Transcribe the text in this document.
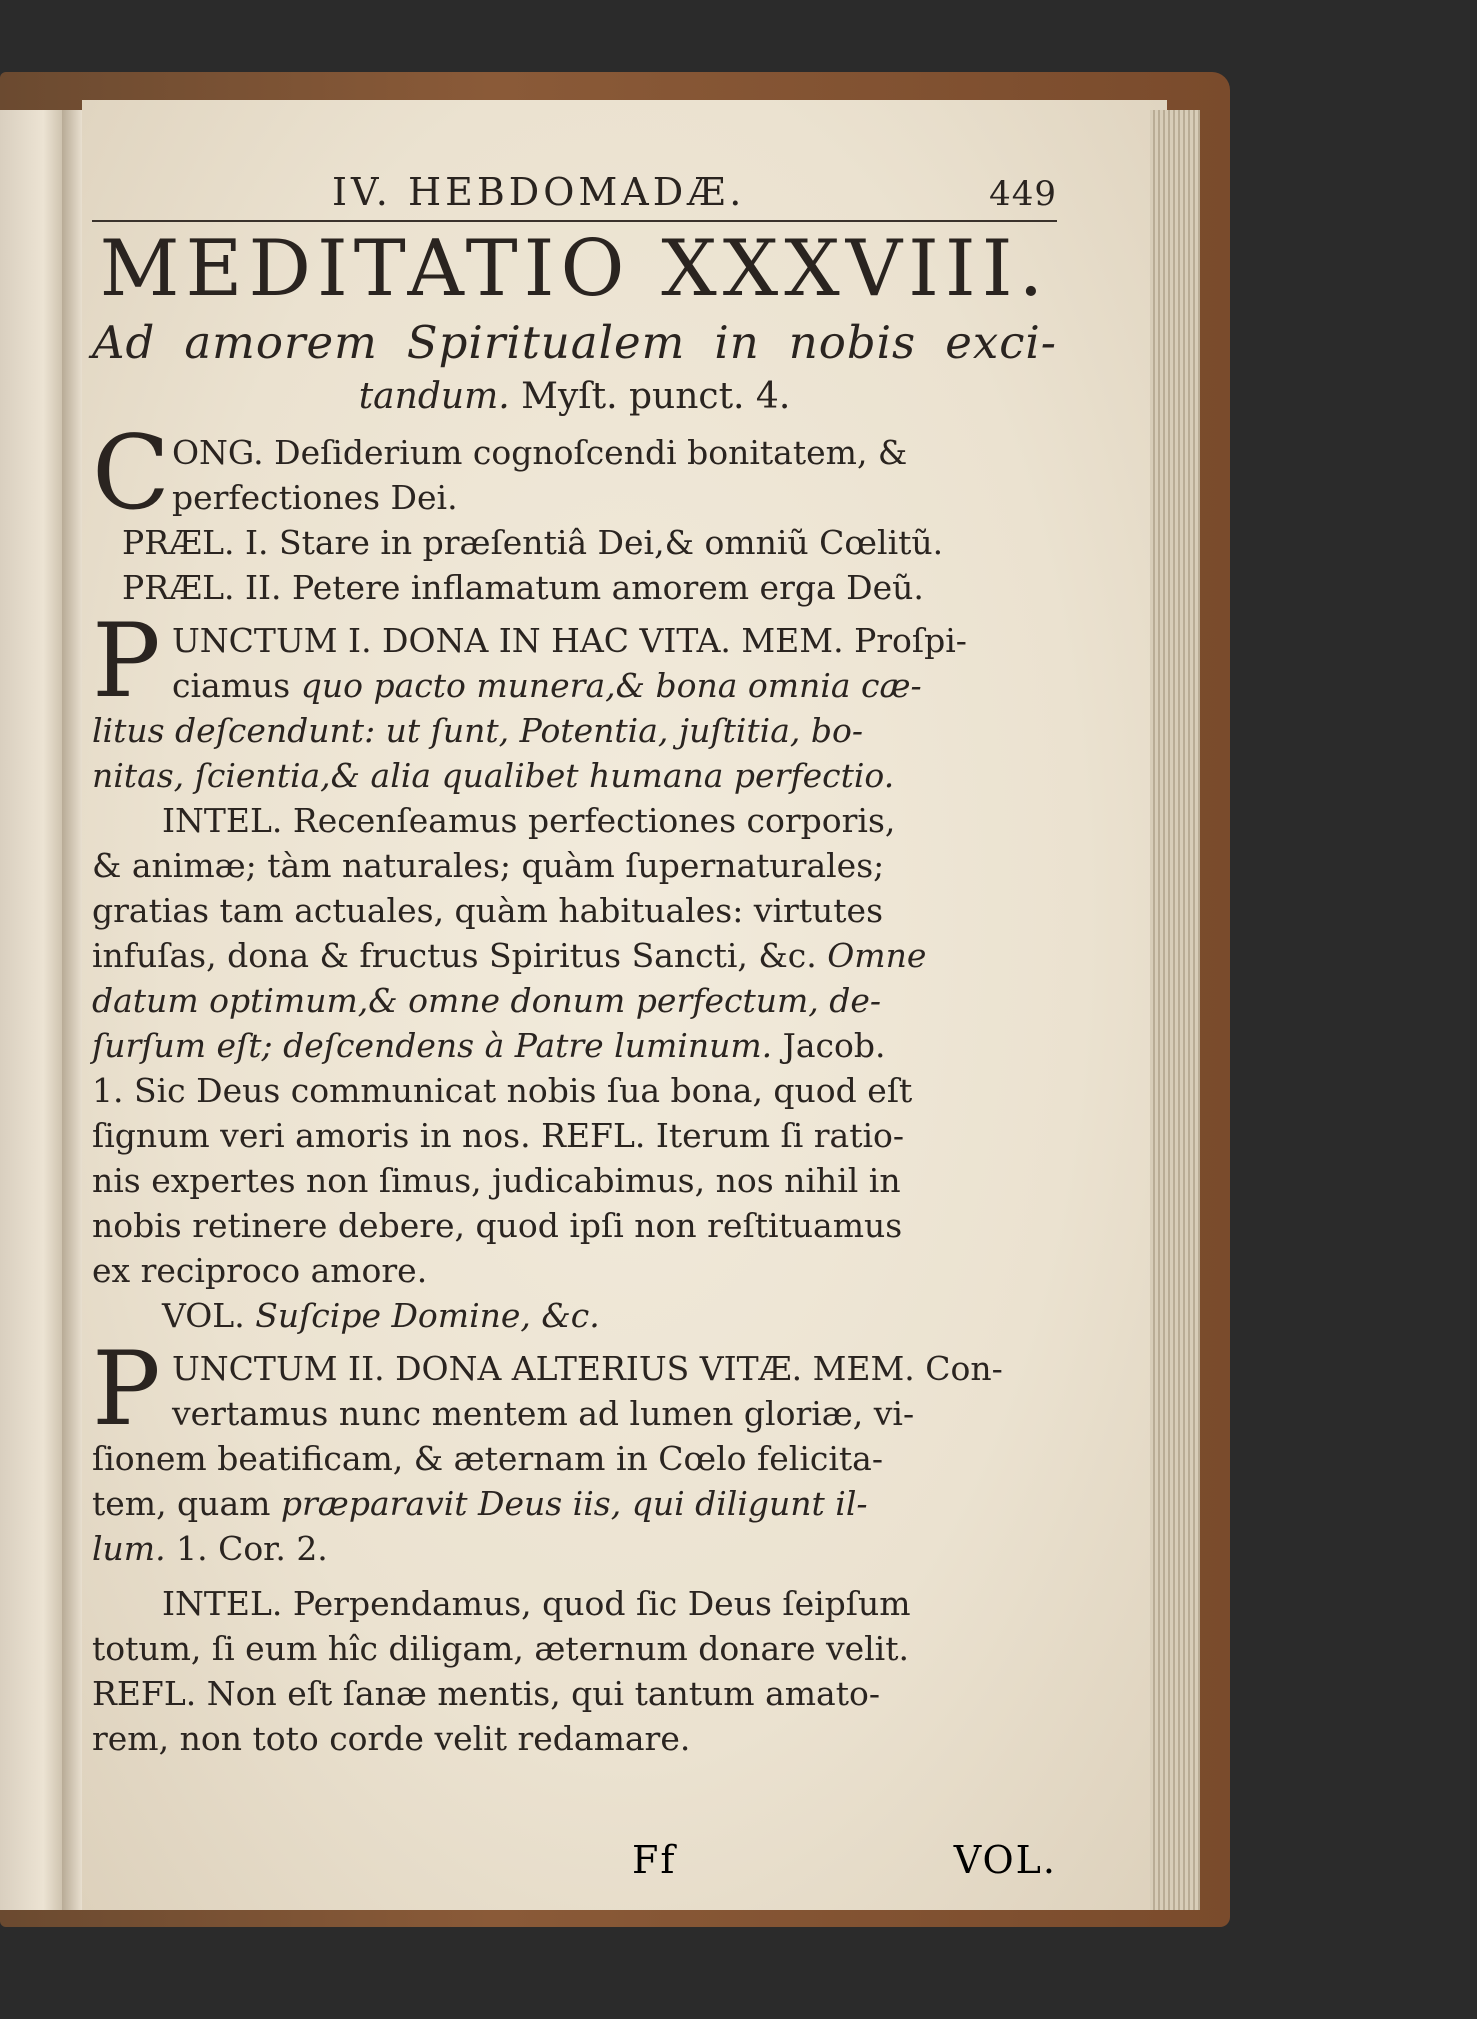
IV. HEBDOMADÆ.	449
MEDITATIO XXXVIII.
Ad amorem Spiritualem in nobis exci-
tandum. Myſt. punct. 4.
C ONG. Deſiderium cognoſcendi bonitatem, &

perfectiones Dei.

PRÆL. I. Stare in præſentiâ Dei,& omniũ Cœlitũ.

PRÆL. II. Petere inflamatum amorem erga Deũ.

P UNCTUM I. DONA IN HAC VITA. MEM. Proſpi-

ciamus quo pacto munera,& bona omnia cæ-

litus deſcendunt: ut ſunt, Potentia, juſtitia, bo-

nitas, ſcientia,& alia qualibet humana perfectio.

INTEL. Recenſeamus perfectiones corporis,

& animæ; tàm naturales; quàm ſupernaturales;

gratias tam actuales, quàm habituales: virtutes

infuſas, dona & fructus Spiritus Sancti, &c. Omne

datum optimum,& omne donum perfectum, de-

ſurſum eſt; deſcendens à Patre luminum. Jacob.

1. Sic Deus communicat nobis ſua bona, quod eſt

ſignum veri amoris in nos. REFL. Iterum ſi ratio-

nis expertes non ſimus, judicabimus, nos nihil in

nobis retinere debere, quod ipſi non reſtituamus

ex reciproco amore.

VOL. Suſcipe Domine, &c.

P UNCTUM II. DONA ALTERIUS VITÆ. MEM. Con-

vertamus nunc mentem ad lumen gloriæ, vi-

ſionem beatificam, & æternam in Cœlo felicita-

tem, quam præparavit Deus iis, qui diligunt il-

lum. 1. Cor. 2.

INTEL. Perpendamus, quod ſic Deus ſeipſum

totum, ſi eum hîc diligam, æternum donare velit.

REFL. Non eſt ſanæ mentis, qui tantum amato-

rem, non toto corde velit redamare.

Ff	VOL.
